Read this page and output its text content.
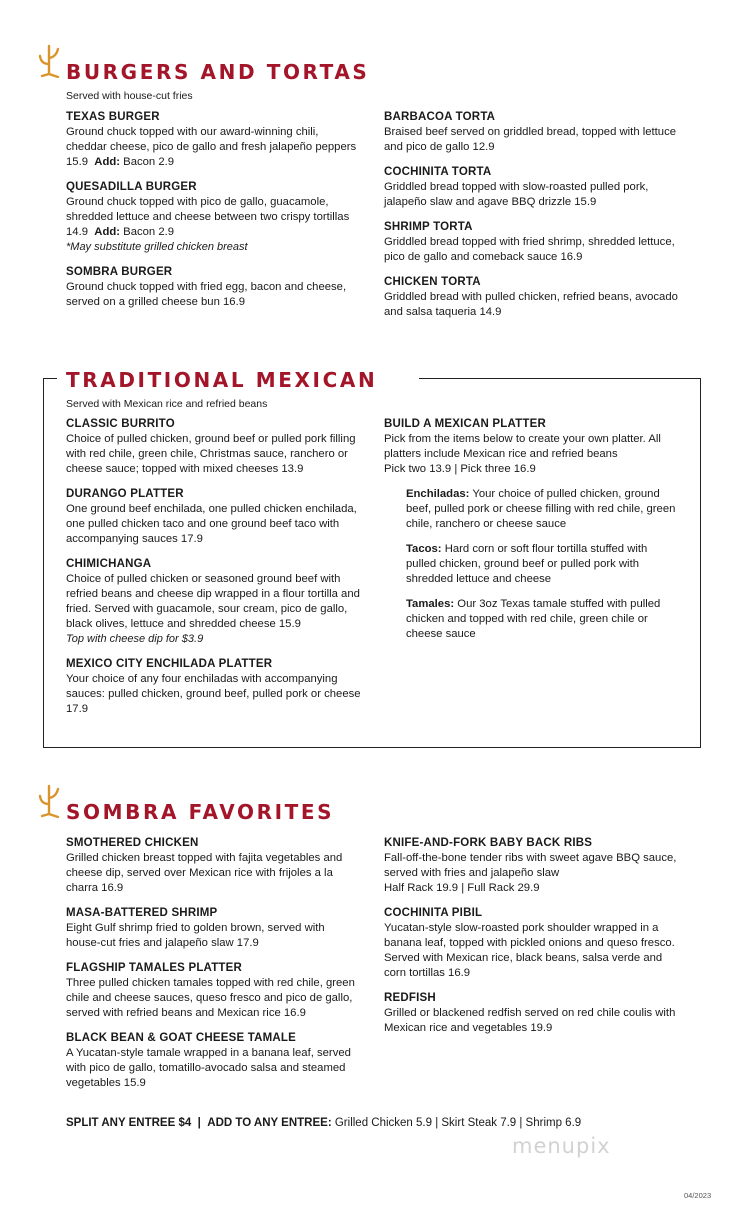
BURGERS AND TORTAS
Served with house-cut fries
TEXAS BURGER
Ground chuck topped with our award-winning chili, cheddar cheese, pico de gallo and fresh jalapeño peppers 15.9 Add: Bacon 2.9
QUESADILLA BURGER
Ground chuck topped with pico de gallo, guacamole, shredded lettuce and cheese between two crispy tortillas 14.9 Add: Bacon 2.9
*May substitute grilled chicken breast
SOMBRA BURGER
Ground chuck topped with fried egg, bacon and cheese, served on a grilled cheese bun 16.9
BARBACOA TORTA
Braised beef served on griddled bread, topped with lettuce and pico de gallo 12.9
COCHINITA TORTA
Griddled bread topped with slow-roasted pulled pork, jalapeño slaw and agave BBQ drizzle 15.9
SHRIMP TORTA
Griddled bread topped with fried shrimp, shredded lettuce, pico de gallo and comeback sauce 16.9
CHICKEN TORTA
Griddled bread with pulled chicken, refried beans, avocado and salsa taqueria 14.9
TRADITIONAL MEXICAN
Served with Mexican rice and refried beans
CLASSIC BURRITO
Choice of pulled chicken, ground beef or pulled pork filling with red chile, green chile, Christmas sauce, ranchero or cheese sauce; topped with mixed cheeses 13.9
DURANGO PLATTER
One ground beef enchilada, one pulled chicken enchilada, one pulled chicken taco and one ground beef taco with accompanying sauces 17.9
CHIMICHANGA
Choice of pulled chicken or seasoned ground beef with refried beans and cheese dip wrapped in a flour tortilla and fried. Served with guacamole, sour cream, pico de gallo, black olives, lettuce and shredded cheese 15.9
Top with cheese dip for $3.9
MEXICO CITY ENCHILADA PLATTER
Your choice of any four enchiladas with accompanying sauces: pulled chicken, ground beef, pulled pork or cheese 17.9
BUILD A MEXICAN PLATTER
Pick from the items below to create your own platter. All platters include Mexican rice and refried beans
Pick two 13.9 | Pick three 16.9
Enchiladas: Your choice of pulled chicken, ground beef, pulled pork or cheese filling with red chile, green chile, ranchero or cheese sauce
Tacos: Hard corn or soft flour tortilla stuffed with pulled chicken, ground beef or pulled pork with shredded lettuce and cheese
Tamales: Our 3oz Texas tamale stuffed with pulled chicken and topped with red chile, green chile or cheese sauce
SOMBRA FAVORITES
SMOTHERED CHICKEN
Grilled chicken breast topped with fajita vegetables and cheese dip, served over Mexican rice with frijoles a la charra 16.9
MASA-BATTERED SHRIMP
Eight Gulf shrimp fried to golden brown, served with house-cut fries and jalapeño slaw 17.9
FLAGSHIP TAMALES PLATTER
Three pulled chicken tamales topped with red chile, green chile and cheese sauces, queso fresco and pico de gallo, served with refried beans and Mexican rice 16.9
BLACK BEAN & GOAT CHEESE TAMALE
A Yucatan-style tamale wrapped in a banana leaf, served with pico de gallo, tomatillo-avocado salsa and steamed vegetables 15.9
KNIFE-AND-FORK BABY BACK RIBS
Fall-off-the-bone tender ribs with sweet agave BBQ sauce, served with fries and jalapeño slaw
Half Rack 19.9 | Full Rack 29.9
COCHINITA PIBIL
Yucatan-style slow-roasted pork shoulder wrapped in a banana leaf, topped with pickled onions and queso fresco. Served with Mexican rice, black beans, salsa verde and corn tortillas 16.9
REDFISH
Grilled or blackened redfish served on red chile coulis with Mexican rice and vegetables 19.9
SPLIT ANY ENTREE $4 | ADD TO ANY ENTREE: Grilled Chicken 5.9 | Skirt Steak 7.9 | Shrimp 6.9
menupix
04/2023
